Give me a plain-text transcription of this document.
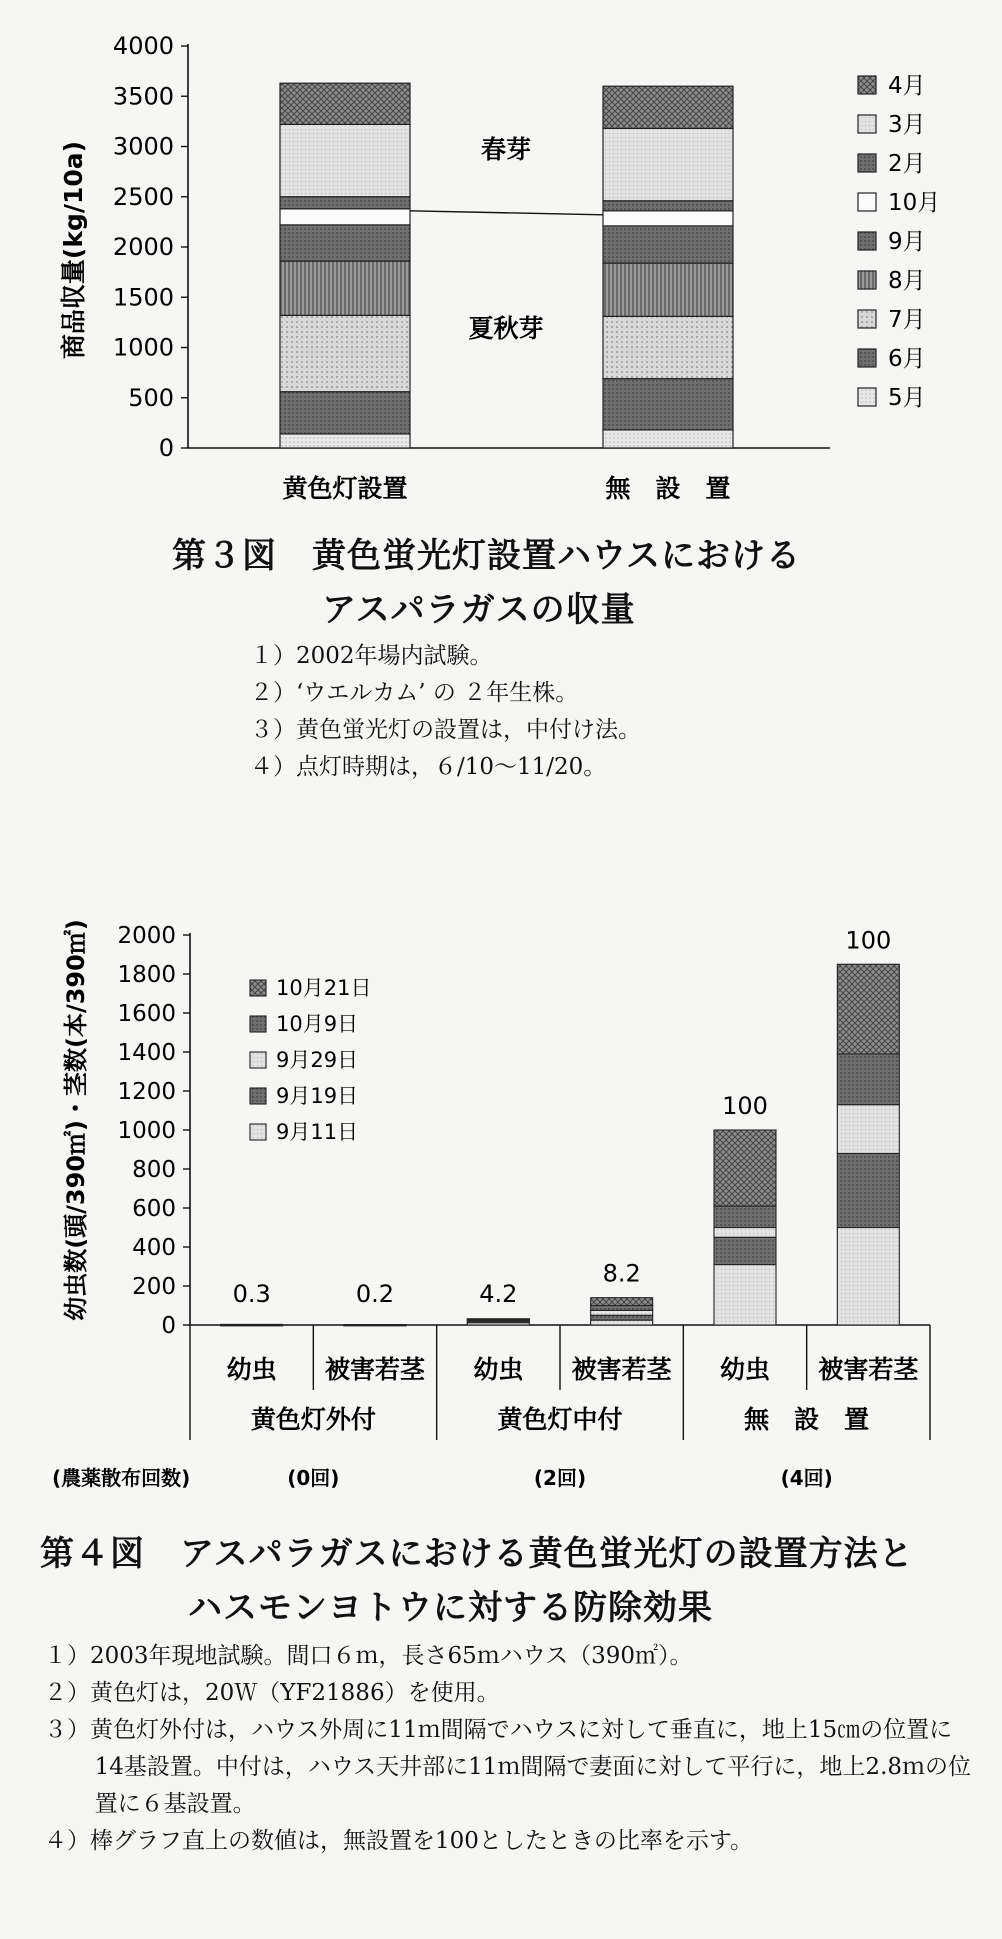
0
500
1000
1500
2000
2500
3000
3500
4000
商品収量(kg/10a)
黄色灯設置	無　設　置
春芽
夏秋芽
4月
3月
2月
10月
9月
8月
7月
6月
5月
第３図　黄色蛍光灯設置ハウスにおける
アスパラガスの収量
１）2002年場内試験。
２）‘ウエルカム’ の ２年生株。
３）黄色蛍光灯の設置は，中付け法。
４）点灯時期は，６/10〜11/20。
0
200
400
600
800
1000
1200
1400
1600
1800
2000
幼虫数(頭/390㎡)・茎数(本/390㎡)	0.3
幼虫
0.2
被害若茎
4.2
幼虫
8.2
被害若茎
100
幼虫
100
被害若茎
黄色灯外付
(0回)
黄色灯中付
(2回)
無　設　置
(4回)
(農薬散布回数)
10月21日
10月9日
9月29日
9月19日
9月11日
第４図　アスパラガスにおける黄色蛍光灯の設置方法と
ハスモンヨトウに対する防除効果
１）2003年現地試験。間口６ｍ，長さ65ｍハウス（390㎡）。
２）黄色灯は，20Ｗ（YF21886）を使用。
３）黄色灯外付は，ハウス外周に11ｍ間隔でハウスに対して垂直に，地上15㎝の位置に14基設置。中付は，ハウス天井部に11ｍ間隔で妻面に対して平行に，地上2.8ｍの位置に６基設置。
４）棒グラフ直上の数値は，無設置を100としたときの比率を示す。
